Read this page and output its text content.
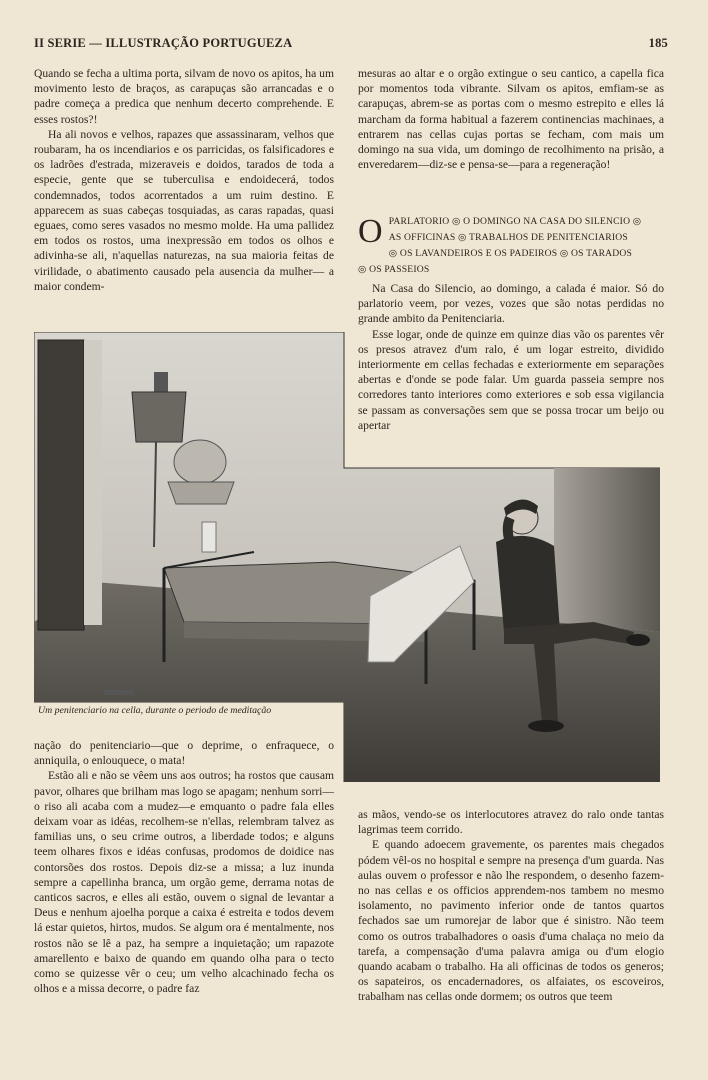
II SERIE — ILLUSTRAÇÃO PORTUGUEZA	185

Quando se fecha a ultima porta, silvam de novo os apitos, ha um movimento lesto de braços, as carapuças são arrancadas e o padre começa a predica que nenhum decerto comprehende. E esses rostos?!

Ha ali novos e velhos, rapazes que assassinaram, velhos que roubaram, ha os incendiarios e os parricidas, os falsificadores e os ladrões d'estrada, mizeraveis e doidos, tarados de toda a especie, gente que se tuberculisa e endoidecerá, todos condemnados, todos acorrentados a um ruim destino. E apparecem as suas cabeças tosquiadas, as caras rapadas, quasi eguaes, como seres vasados no mesmo molde. Ha uma pallidez em todos os rostos, uma inexpressão em todos os olhos e adivinha-se ali, n'aquellas naturezas, na sua maioria feitas de virilidade, o abatimento causado pela ausencia da mulher— a maior condem-

mesuras ao altar e o orgão extingue o seu cantico, a capella fica por momentos toda vibrante. Silvam os apitos, emfiam-se as carapuças, abrem-se as portas com o mesmo estrepito e elles lá marcham da forma habitual a fazerem continencias machinaes, a entrarem nas cellas cujas portas se fecham, com mais um domingo na sua vida, um domingo de recolhimento na prisão, a enveredarem—diz-se e pensa-se—para a regeneração!

O PARLATORIO ◎ O DOMINGO NA CASA DO SILENCIO ◎
AS OFFICINAS ◎ TRABALHOS DE PENITENCIARIOS
◎ OS LAVANDEIROS E OS PADEIROS ◎ OS TARADOS
◎ OS PASSEIOS

Na Casa do Silencio, ao domingo, a calada é maior. Só do parlatorio veem, por vezes, vozes que são notas perdidas no grande ambito da Penitenciaria.

Esse logar, onde de quinze em quinze dias vão os parentes vêr os presos atravez d'um ralo, é um logar estreito, dividido interiormente em cellas fechadas e exteriormente em separações abertas e d'onde se pode falar. Um guarda passeia sempre nos corredores tanto interiores como exteriores e sob essa vigilancia se passam as conversações sem que se possa trocar um beijo ou apertar

Um penitenciario na cella, durante o periodo de meditação

nação do penitenciario—que o deprime, o enfraquece, o anniquila, o enlouquece, o mata!

Estão ali e não se vêem uns aos outros; ha rostos que causam pavor, olhares que brilham mas logo se apagam; nenhum sorri—o riso ali acaba com a mudez—e emquanto o padre fala elles deixam voar as idéas, recolhem-se n'ellas, relembram talvez as familias uns, o seu crime outros, a liberdade todos; e alguns teem olhares fixos e idéas confusas, prodomos de doidice nas contorsões dos rostos. Depois diz-se a missa; a luz inunda sempre a capellinha branca, um orgão geme, derrama notas de canticos sacros, e elles ali estão, ouvem o signal de levantar a Deus e nenhum ajoelha porque a caixa é estreita e todos devem lá estar quietos, hirtos, mudos. Se algum ora é mentalmente, nos rostos não se lê a paz, ha sempre a inquietação; um rapazote amarellento e baixo de quando em quando olha para o tecto como se quizesse vêr o ceu; um velho alcachinado fecha os olhos e a missa decorre, o padre faz

as mãos, vendo-se os interlocutores atravez do ralo onde tantas lagrimas teem corrido.

E quando adoecem gravemente, os parentes mais chegados pódem vêl-os no hospital e sempre na presença d'um guarda. Nas aulas ouvem o professor e não lhe respondem, o desenho fazem-no nas cellas e os officios apprendem-nos tambem no mesmo isolamento, no pavimento inferior onde de tantos quartos fechados sae um rumorejar de labor que é sinistro. Não teem como os outros trabalhadores o oasis d'uma chalaça no meio da tarefa, a compensação d'uma palavra amiga ou d'um elogio quando acabam o trabalho. Ha ali officinas de todos os generos; os sapateiros, os encadernadores, os alfaiates, os escoveiros, trabalham nas cellas onde dormem; os outros que teem
